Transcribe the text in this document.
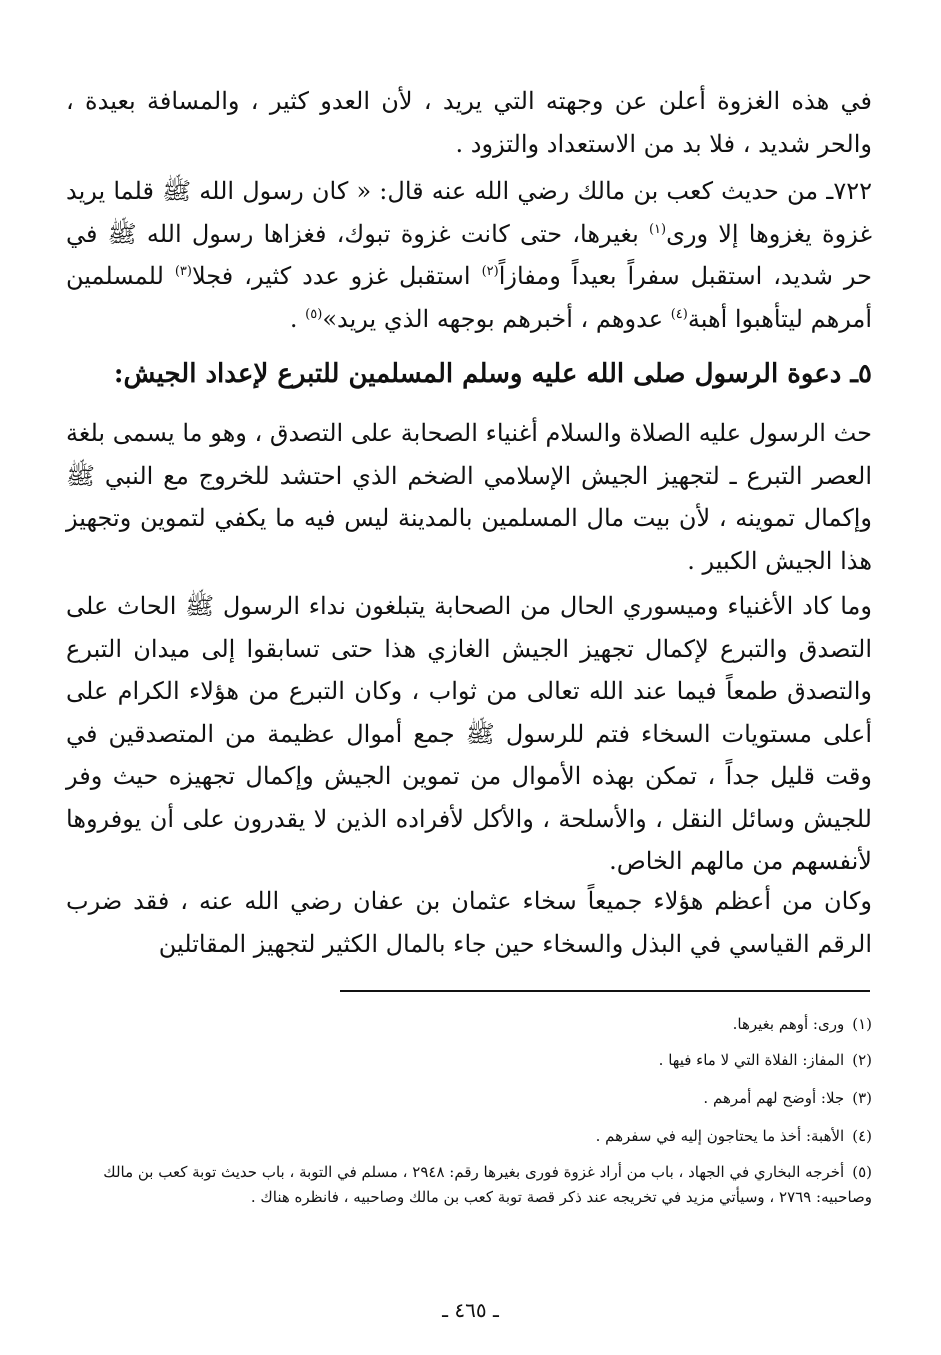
في هذه الغزوة أعلن عن وجهته التي يريد ، لأن العدو كثير ، والمسافة بعيدة ، والحر شديد ، فلا بد من الاستعداد والتزود .

٧٢٢ـ من حديث كعب بن مالك رضي الله عنه قال: « كان رسول الله ﷺ قلما يريد غزوة يغزوها إلا ورى$^{(١)}$ بغيرها، حتى كانت غزوة تبوك، فغزاها رسول الله ﷺ في حر شديد، استقبل سفراً بعيداً ومفازاً$^{(٢)}$ استقبل غزو عدد كثير، فجلا$^{(٣)}$ للمسلمين أمرهم ليتأهبوا أهبة$^{(٤)}$ عدوهم ، أخبرهم بوجهه الذي يريد»$^{(٥)}$ .

٥ـ دعوة الرسول صلى الله عليه وسلم المسلمين للتبرع لإعداد الجيش:

حث الرسول عليه الصلاة والسلام أغنياء الصحابة على التصدق ، وهو ما يسمى بلغة العصر التبرع ـ لتجهيز الجيش الإسلامي الضخم الذي احتشد للخروج مع النبي ﷺ وإكمال تموينه ، لأن بيت مال المسلمين بالمدينة ليس فيه ما يكفي لتموين وتجهيز هذا الجيش الكبير .

وما كاد الأغنياء وميسوري الحال من الصحابة يتبلغون نداء الرسول ﷺ الحاث على التصدق والتبرع لإكمال تجهيز الجيش الغازي هذا حتى تسابقوا إلى ميدان التبرع والتصدق طمعاً فيما عند الله تعالى من ثواب ، وكان التبرع من هؤلاء الكرام على أعلى مستويات السخاء فتم للرسول ﷺ جمع أموال عظيمة من المتصدقين في وقت قليل جداً ، تمكن بهذه الأموال من تموين الجيش وإكمال تجهيزه حيث وفر للجيش وسائل النقل ، والأسلحة ، والأكل لأفراده الذين لا يقدرون على أن يوفروها لأنفسهم من مالهم الخاص.

وكان من أعظم هؤلاء جميعاً سخاء عثمان بن عفان رضي الله عنه ، فقد ضرب الرقم القياسي في البذل والسخاء حين جاء بالمال الكثير لتجهيز المقاتلين

(١)ورى: أوهم بغيرها.

(٢)المفاز: الفلاة التي لا ماء فيها .

(٣)جلا: أوضح لهم أمرهم .

(٤)الأهبة: أخذ ما يحتاجون إليه في سفرهم .

(٥)أخرجه البخاري في الجهاد ، باب من أراد غزوة فورى بغيرها رقم: ٢٩٤٨ ، مسلم في التوبة ، باب حديث توبة كعب بن مالك وصاحبيه: ٢٧٦٩ ، وسيأتي مزيد في تخريجه عند ذكر قصة توبة كعب بن مالك وصاحبيه ، فانظره هناك .

ـ ٤٦٥ ـ
